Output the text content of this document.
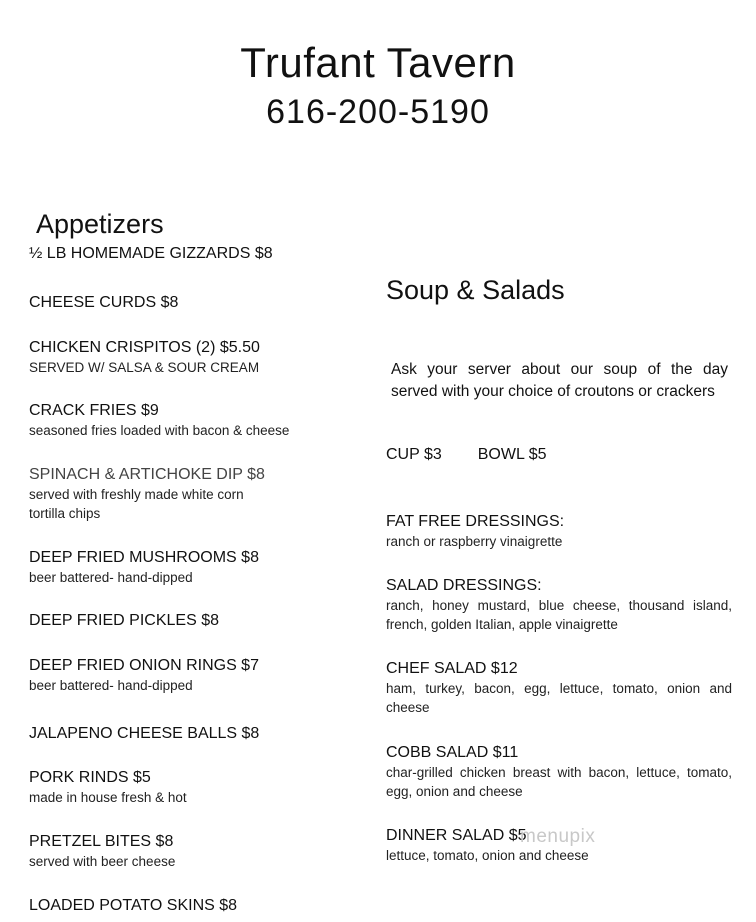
Trufant Tavern
616-200-5190
Appetizers
½ LB HOMEMADE GIZZARDS $8
CHEESE CURDS $8
CHICKEN CRISPITOS (2) $5.50
SERVED W/ SALSA & SOUR CREAM
CRACK FRIES $9
seasoned fries loaded with bacon & cheese
SPINACH & ARTICHOKE DIP $8
served with freshly made white corn tortilla chips
DEEP FRIED MUSHROOMS $8
beer battered- hand-dipped
DEEP FRIED PICKLES $8
DEEP FRIED ONION RINGS $7
beer battered- hand-dipped
JALAPENO CHEESE BALLS $8
PORK RINDS $5
made in house fresh & hot
PRETZEL BITES $8
served with beer cheese
LOADED POTATO SKINS $8
Soup & Salads
Ask your server about our soup of the day served with your choice of croutons or crackers
CUP $3 BOWL $5
FAT FREE DRESSINGS:
ranch or raspberry vinaigrette
SALAD DRESSINGS:
ranch, honey mustard, blue cheese, thousand island, french, golden Italian, apple vinaigrette
CHEF SALAD $12
ham, turkey, bacon, egg, lettuce, tomato, onion and cheese
COBB SALAD $11
char-grilled chicken breast with bacon, lettuce, tomato, egg, onion and cheese
DINNER SALAD $5
lettuce, tomato, onion and cheese
menupix
